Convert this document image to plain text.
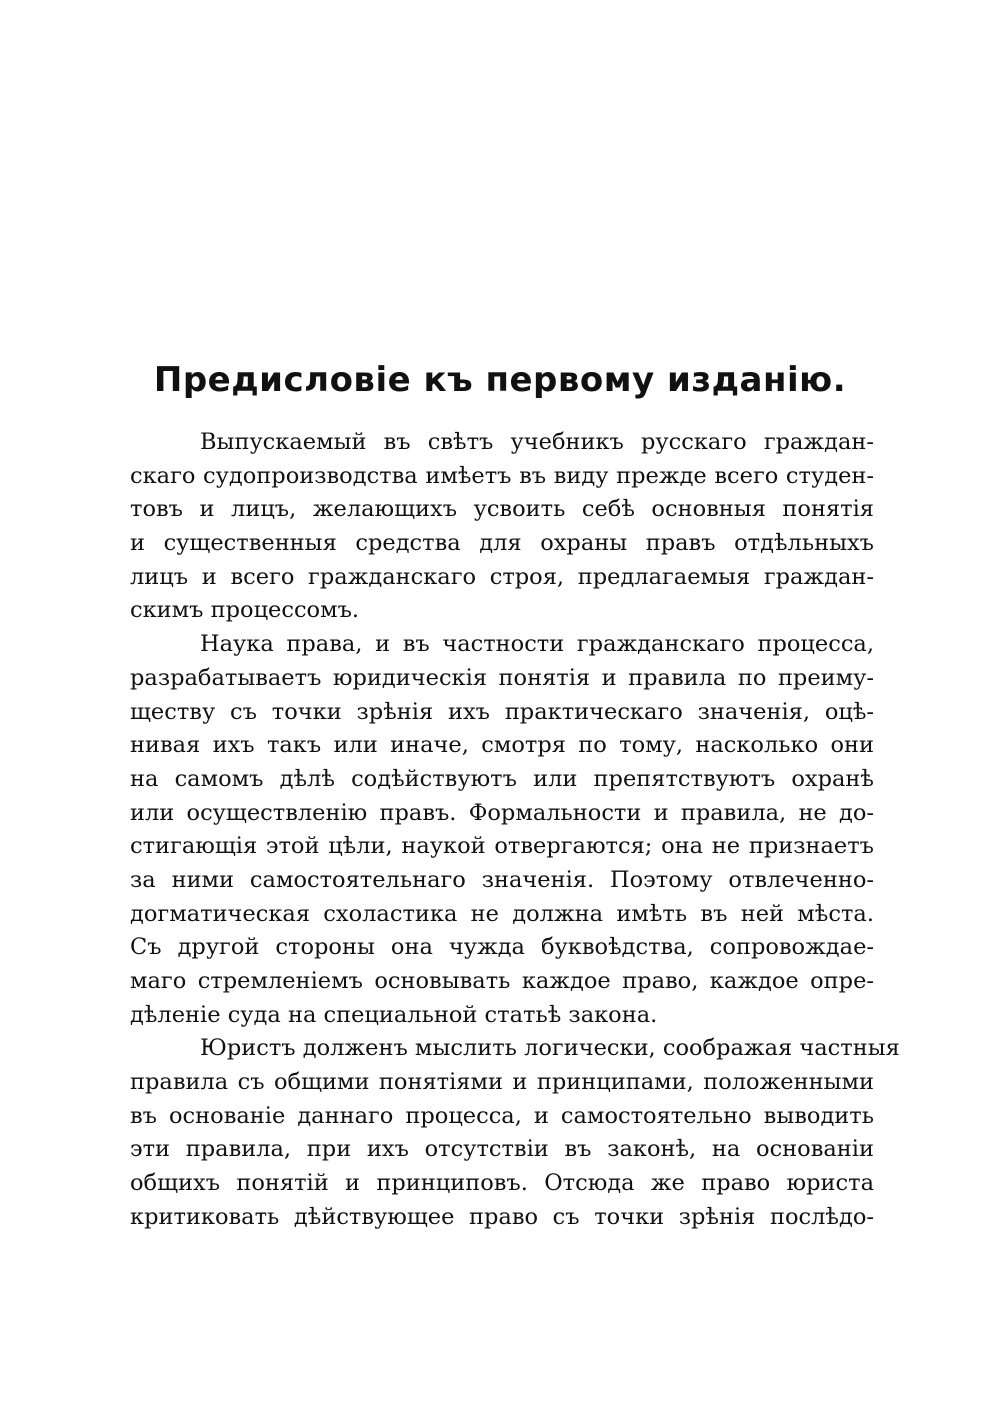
Предисловіе къ первому изданію.
Выпускаемый въ свѣтъ учебникъ русскаго граждан-
скаго судопроизводства имѣетъ въ виду прежде всего студен-
товъ и лицъ, желающихъ усвоить себѣ основныя понятія
и существенныя средства для охраны правъ отдѣльныхъ
лицъ и всего гражданскаго строя, предлагаемыя граждан-
скимъ процессомъ.
Наука права, и въ частности гражданскаго процесса,
разрабатываетъ юридическія понятія и правила по преиму-
ществу съ точки зрѣнія ихъ практическаго значенія, оцѣ-
нивая ихъ такъ или иначе, смотря по тому, насколько они
на самомъ дѣлѣ содѣйствуютъ или препятствуютъ охранѣ
или осуществленію правъ. Формальности и правила, не до-
стигающія этой цѣли, наукой отвергаются; она не признаетъ
за ними самостоятельнаго значенія. Поэтому отвлеченно-
догматическая схоластика не должна имѣть въ ней мѣста.
Съ другой стороны она чужда буквоѣдства, сопровождае-
маго стремленіемъ основывать каждое право, каждое опре-
дѣленіе суда на специальной статьѣ закона.
Юристъ долженъ мыслить логически, соображая частныя
правила съ общими понятіями и принципами, положенными
въ основаніе даннаго процесса, и самостоятельно выводить
эти правила, при ихъ отсутствіи въ законѣ, на основаніи
общихъ понятій и принциповъ. Отсюда же право юриста
критиковать дѣйствующее право съ точки зрѣнія послѣдо-
